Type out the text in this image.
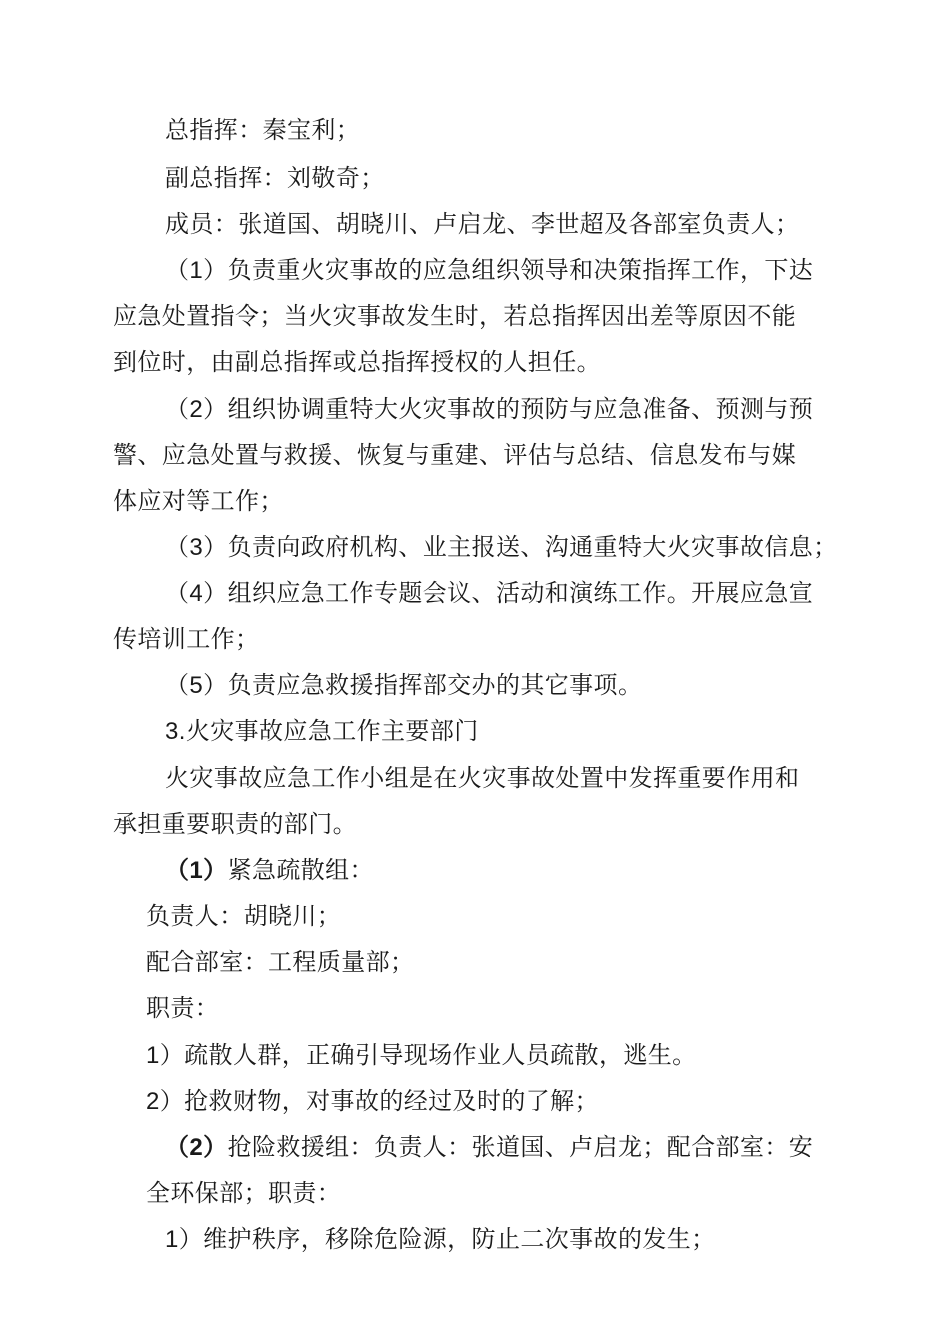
总指挥：秦宝利；
副总指挥：刘敬奇；
成员：张道国、胡晓川、卢启龙、李世超及各部室负责人；
（1）负责重火灾事故的应急组织领导和决策指挥工作，下达
应急处置指令；当火灾事故发生时，若总指挥因出差等原因不能
到位时，由副总指挥或总指挥授权的人担任。
（2）组织协调重特大火灾事故的预防与应急准备、预测与预
警、应急处置与救援、恢复与重建、评估与总结、信息发布与媒
体应对等工作；
（3）负责向政府机构、业主报送、沟通重特大火灾事故信息；
（4）组织应急工作专题会议、活动和演练工作。开展应急宣
传培训工作；
（5）负责应急救援指挥部交办的其它事项。
3.火灾事故应急工作主要部门
火灾事故应急工作小组是在火灾事故处置中发挥重要作用和
承担重要职责的部门。
（1）紧急疏散组：
负责人：胡晓川；
配合部室：工程质量部；
职责：
1）疏散人群，正确引导现场作业人员疏散，逃生。
2）抢救财物，对事故的经过及时的了解；
（2）抢险救援组：负责人：张道国、卢启龙；配合部室：安
全环保部；职责：
1）维护秩序，移除危险源，防止二次事故的发生；
